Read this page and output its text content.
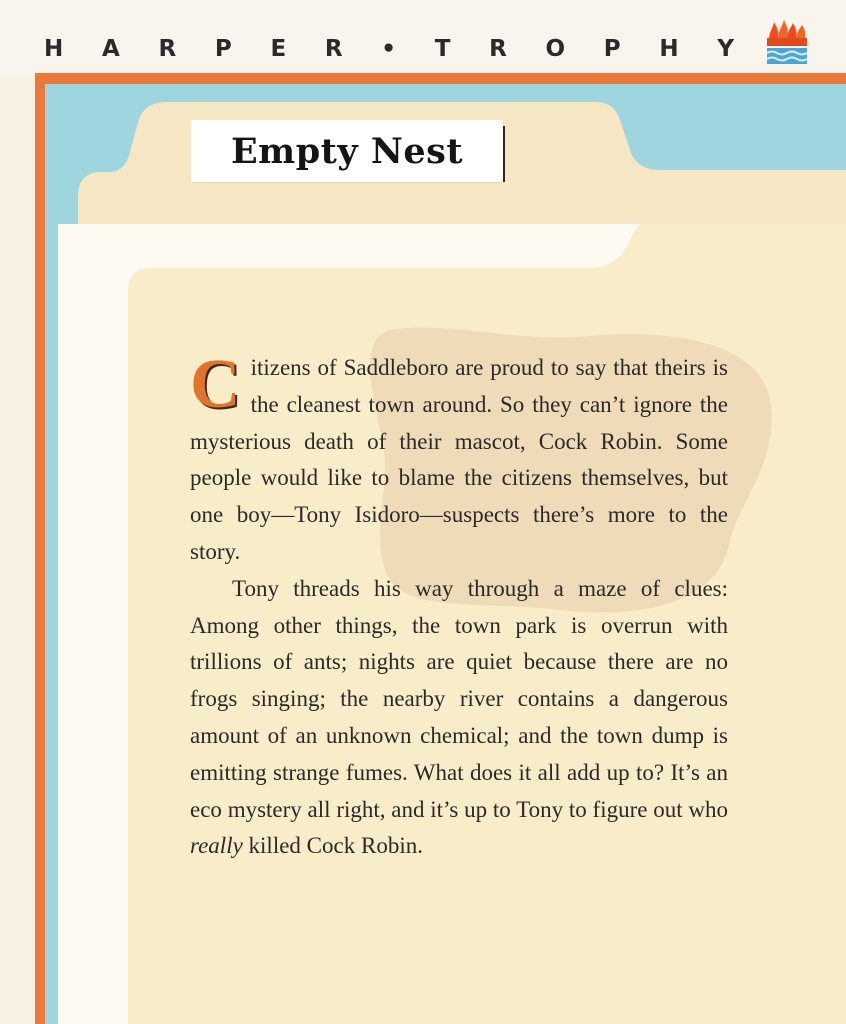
H A R P E R • T R O P H Y
Empty Nest

Citizens of Saddleboro are proud to say that theirs is the cleanest town around. So they can’t ignore the mysterious death of their mascot, Cock Robin. Some people would like to blame the citizens themselves, but one boy—Tony Isidoro—suspects there’s more to the story.

Tony threads his way through a maze of clues: Among other things, the town park is overrun with trillions of ants; nights are quiet because there are no frogs singing; the nearby river contains a dangerous amount of an unknown chemical; and the town dump is emitting strange fumes. What does it all add up to? It’s an eco mystery all right, and it’s up to Tony to figure out who really killed Cock Robin.
